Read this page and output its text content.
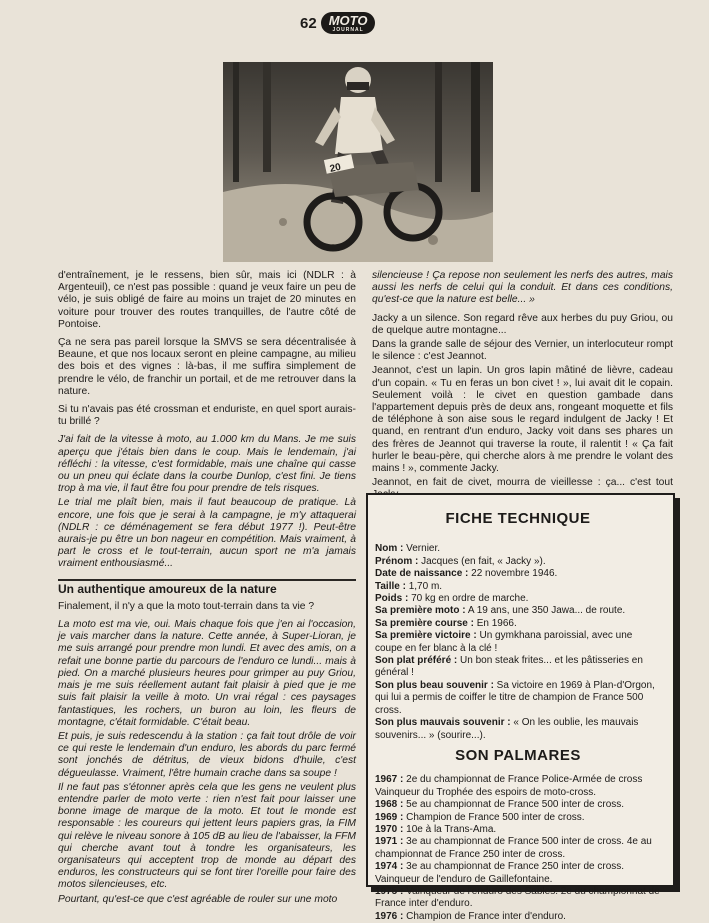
62 MOTO
JOURNAL
20

d'entraînement, je le ressens, bien sûr, mais ici (NDLR : à Argenteuil), ce n'est pas possible : quand je veux faire un peu de vélo, je suis obligé de faire au moins un trajet de 20 minutes en voiture pour trouver des routes tranquilles, de l'autre côté de Pontoise.

Ça ne sera pas pareil lorsque la SMVS se sera décentralisée à Beaune, et que nos locaux seront en pleine campagne, au milieu des bois et des vignes : là-bas, il me suffira simplement de prendre le vélo, de franchir un portail, et de me retrouver dans la nature.

Si tu n'avais pas été crossman et enduriste, en quel sport aurais-tu brillé ?

J'ai fait de la vitesse à moto, au 1.000 km du Mans. Je me suis aperçu que j'étais bien dans le coup. Mais le lendemain, j'ai réfléchi : la vitesse, c'est formidable, mais une chaîne qui casse ou un pneu qui éclate dans la courbe Dunlop, c'est fini. Je tiens trop à ma vie, il faut être fou pour prendre de tels risques.

Le trial me plaît bien, mais il faut beaucoup de pratique. Là encore, une fois que je serai à la campagne, je m'y attaquerai (NDLR : ce déménagement se fera début 1977 !). Peut-être aurais-je pu être un bon nageur en compétition. Mais vraiment, à part le cross et le tout-terrain, aucun sport ne m'a jamais vraiment enthousiasmé...

Un authentique amoureux de la nature

Finalement, il n'y a que la moto tout-terrain dans ta vie ?

La moto est ma vie, oui. Mais chaque fois que j'en ai l'occasion, je vais marcher dans la nature. Cette année, à Super-Lioran, je me suis arrangé pour prendre mon lundi. Et avec des amis, on a refait une bonne partie du parcours de l'enduro ce lundi... mais à pied. On a marché plusieurs heures pour grimper au puy Griou, mais je me suis réellement autant fait plaisir à pied que je me suis fait plaisir la veille à moto. Un vrai régal : ces paysages fantastiques, les rochers, un buron au loin, les fleurs de montagne, c'était formidable. C'était beau.

Et puis, je suis redescendu à la station : ça fait tout drôle de voir ce qui reste le lendemain d'un enduro, les abords du parc fermé sont jonchés de détritus, de vieux bidons d'huile, c'est dégueulasse. Vraiment, l'être humain crache dans sa soupe !

Il ne faut pas s'étonner après cela que les gens ne veulent plus entendre parler de moto verte : rien n'est fait pour laisser une bonne image de marque de la moto. Et tout le monde est responsable : les coureurs qui jettent leurs papiers gras, la FIM qui relève le niveau sonore à 105 dB au lieu de l'abaisser, la FFM qui cherche avant tout à tondre les organisateurs, les organisateurs qui acceptent trop de monde au départ des enduros, les constructeurs qui se font tirer l'oreille pour faire des motos silencieuses, etc.

Pourtant, qu'est-ce que c'est agréable de rouler sur une moto

silencieuse ! Ça repose non seulement les nerfs des autres, mais aussi les nerfs de celui qui la conduit. Et dans ces conditions, qu'est-ce que la nature est belle... »

Jacky a un silence. Son regard rêve aux herbes du puy Griou, ou de quelque autre montagne...

Dans la grande salle de séjour des Vernier, un interlocuteur rompt le silence : c'est Jeannot.

Jeannot, c'est un lapin. Un gros lapin mâtiné de lièvre, cadeau d'un copain. « Tu en feras un bon civet ! », lui avait dit le copain. Seulement voilà : le civet en question gambade dans l'appartement depuis près de deux ans, rongeant moquette et fils de téléphone à son aise sous le regard indulgent de Jacky ! Et quand, en rentrant d'un enduro, Jacky voit dans ses phares un des frères de Jeannot qui traverse la route, il ralentit ! « Ça fait hurler le beau-père, qui cherche alors à me prendre le volant des mains ! », commente Jacky.

Jeannot, en fait de civet, mourra de vieillesse : ça... c'est tout

FICHE TECHNIQUE
Nom : Vernier.
Prénom : Jacques (en fait, « Jacky »).
Date de naissance : 22 novembre 1946.
Taille : 1,70 m.
Poids : 70 kg en ordre de marche.
Sa première moto : A 19 ans, une 350 Jawa... de route.
Sa première course : En 1966.
Sa première victoire : Un gymkhana paroissial, avec une coupe en fer blanc à la clé !
Son plat préféré : Un bon steak frites... et les pâtisseries en général !
Son plus beau souvenir : Sa victoire en 1969 à Plan-d'Orgon, qui lui a permis de coiffer le titre de champion de France 500 cross.
Son plus mauvais souvenir : « On les oublie, les mauvais souvenirs... » (sourire...).
SON PALMARES
1967 : 2e du championnat de France Police-Armée de cross Vainqueur du Trophée des espoirs de moto-cross.
1968 : 5e au championnat de France 500 inter de cross.
1969 : Champion de France 500 inter de cross.
1970 : 10e à la Trans-Ama.
1971 : 3e au championnat de France 500 inter de cross. 4e au championnat de France 250 inter de cross.
1974 : 3e au championnat de France 250 inter de cross. Vainqueur de l'enduro de Gaillefontaine.
1975 : Vainqueur de l'enduro des Sables. 2e du championnat de France inter d'enduro.
1976 : Champion de France inter d'enduro.
